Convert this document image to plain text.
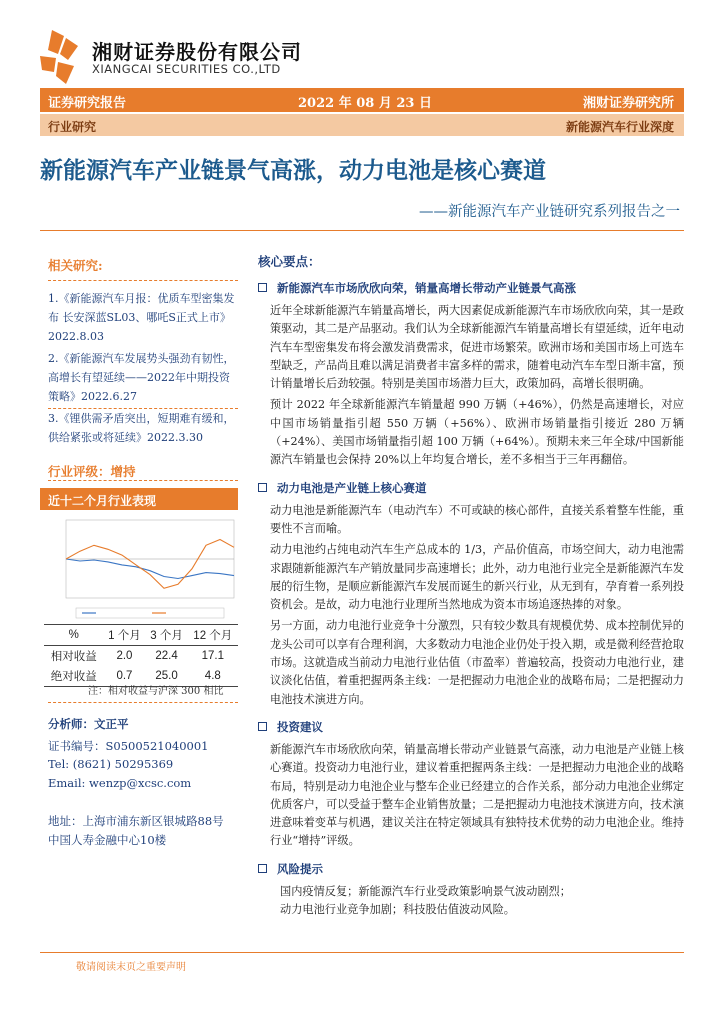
湘财证券股份有限公司
XIANGCAI SECURITIES CO.,LTD
证券研究报告	2022 年 08 月 23 日	湘财证券研究所
行业研究	新能源汽车行业深度
新能源汽车产业链景气高涨，动力电池是核心赛道
——新能源汽车产业链研究系列报告之一
相关研究:

1.《新能源汽车月报：优质车型密集发布 长安深蓝SL03、哪吒S正式上市》2022.8.03

2.《新能源汽车发展势头强劲有韧性，高增长有望延续——2022年中期投资策略》2022.6.27

3.《锂供需矛盾突出，短期难有缓和，供给紧张或将延续》2022.3.30

行业评级：增持
近十二个月行业表现
%	1 个月	3 个月	12 个月
相对收益	2.0	22.4	17.1
绝对收益	0.7	25.0	4.8
注：相对收益与沪深 300 相比
分析师：文正平
证书编号：S0500521040001
Tel: (8621) 50295369
Email: wenzp@xcsc.com
地址：上海市浦东新区银城路88号
中国人寿金融中心10楼
核心要点：
新能源汽车市场欣欣向荣，销量高增长带动产业链景气高涨

近年全球新能源汽车销量高增长，两大因素促成新能源汽车市场欣欣向荣，其一是政策驱动，其二是产品驱动。我们认为全球新能源汽车销量高增长有望延续，近年电动汽车车型密集发布将会激发消费需求，促进市场繁荣。欧洲市场和美国市场上可选车型缺乏，产品尚且难以满足消费者丰富多样的需求，随着电动汽车车型日渐丰富，预计销量增长后劲较强。特别是美国市场潜力巨大，政策加码，高增长很明确。

预计 2022 年全球新能源汽车销量超 990 万辆（+46%），仍然是高速增长，对应中国市场销量指引超 550 万辆（+56%）、欧洲市场销量指引接近 280 万辆（+24%）、美国市场销量指引超 100 万辆（+64%）。预期未来三年全球/中国新能源汽车销量也会保持 20%以上年均复合增长，差不多相当于三年再翻倍。

动力电池是产业链上核心赛道

动力电池是新能源汽车（电动汽车）不可或缺的核心部件，直接关系着整车性能，重要性不言而喻。

动力电池约占纯电动汽车生产总成本的 1/3，产品价值高，市场空间大，动力电池需求跟随新能源汽车产销放量同步高速增长；此外，动力电池行业完全是新能源汽车发展的衍生物，是顺应新能源汽车发展而诞生的新兴行业，从无到有，孕育着一系列投资机会。是故，动力电池行业理所当然地成为资本市场追逐热捧的对象。

另一方面，动力电池行业竞争十分激烈，只有较少数具有规模优势、成本控制优异的龙头公司可以享有合理利润，大多数动力电池企业仍处于投入期，或是微利经营抢取市场。这就造成当前动力电池行业估值（市盈率）普遍较高，投资动力电池行业，建议淡化估值，着重把握两条主线：一是把握动力电池企业的战略布局；二是把握动力电池技术演进方向。

投资建议

新能源汽车市场欣欣向荣，销量高增长带动产业链景气高涨，动力电池是产业链上核心赛道。投资动力电池行业，建议着重把握两条主线：一是把握动力电池企业的战略布局，特别是动力电池企业与整车企业已经建立的合作关系，部分动力电池企业绑定优质客户，可以受益于整车企业销售放量；二是把握动力电池技术演进方向，技术演进意味着变革与机遇，建议关注在特定领域具有独特技术优势的动力电池企业。维持行业“增持”评级。

风险提示

国内疫情反复；新能源汽车行业受政策影响景气波动剧烈；

动力电池行业竞争加剧；科技股估值波动风险。

敬请阅读末页之重要声明
